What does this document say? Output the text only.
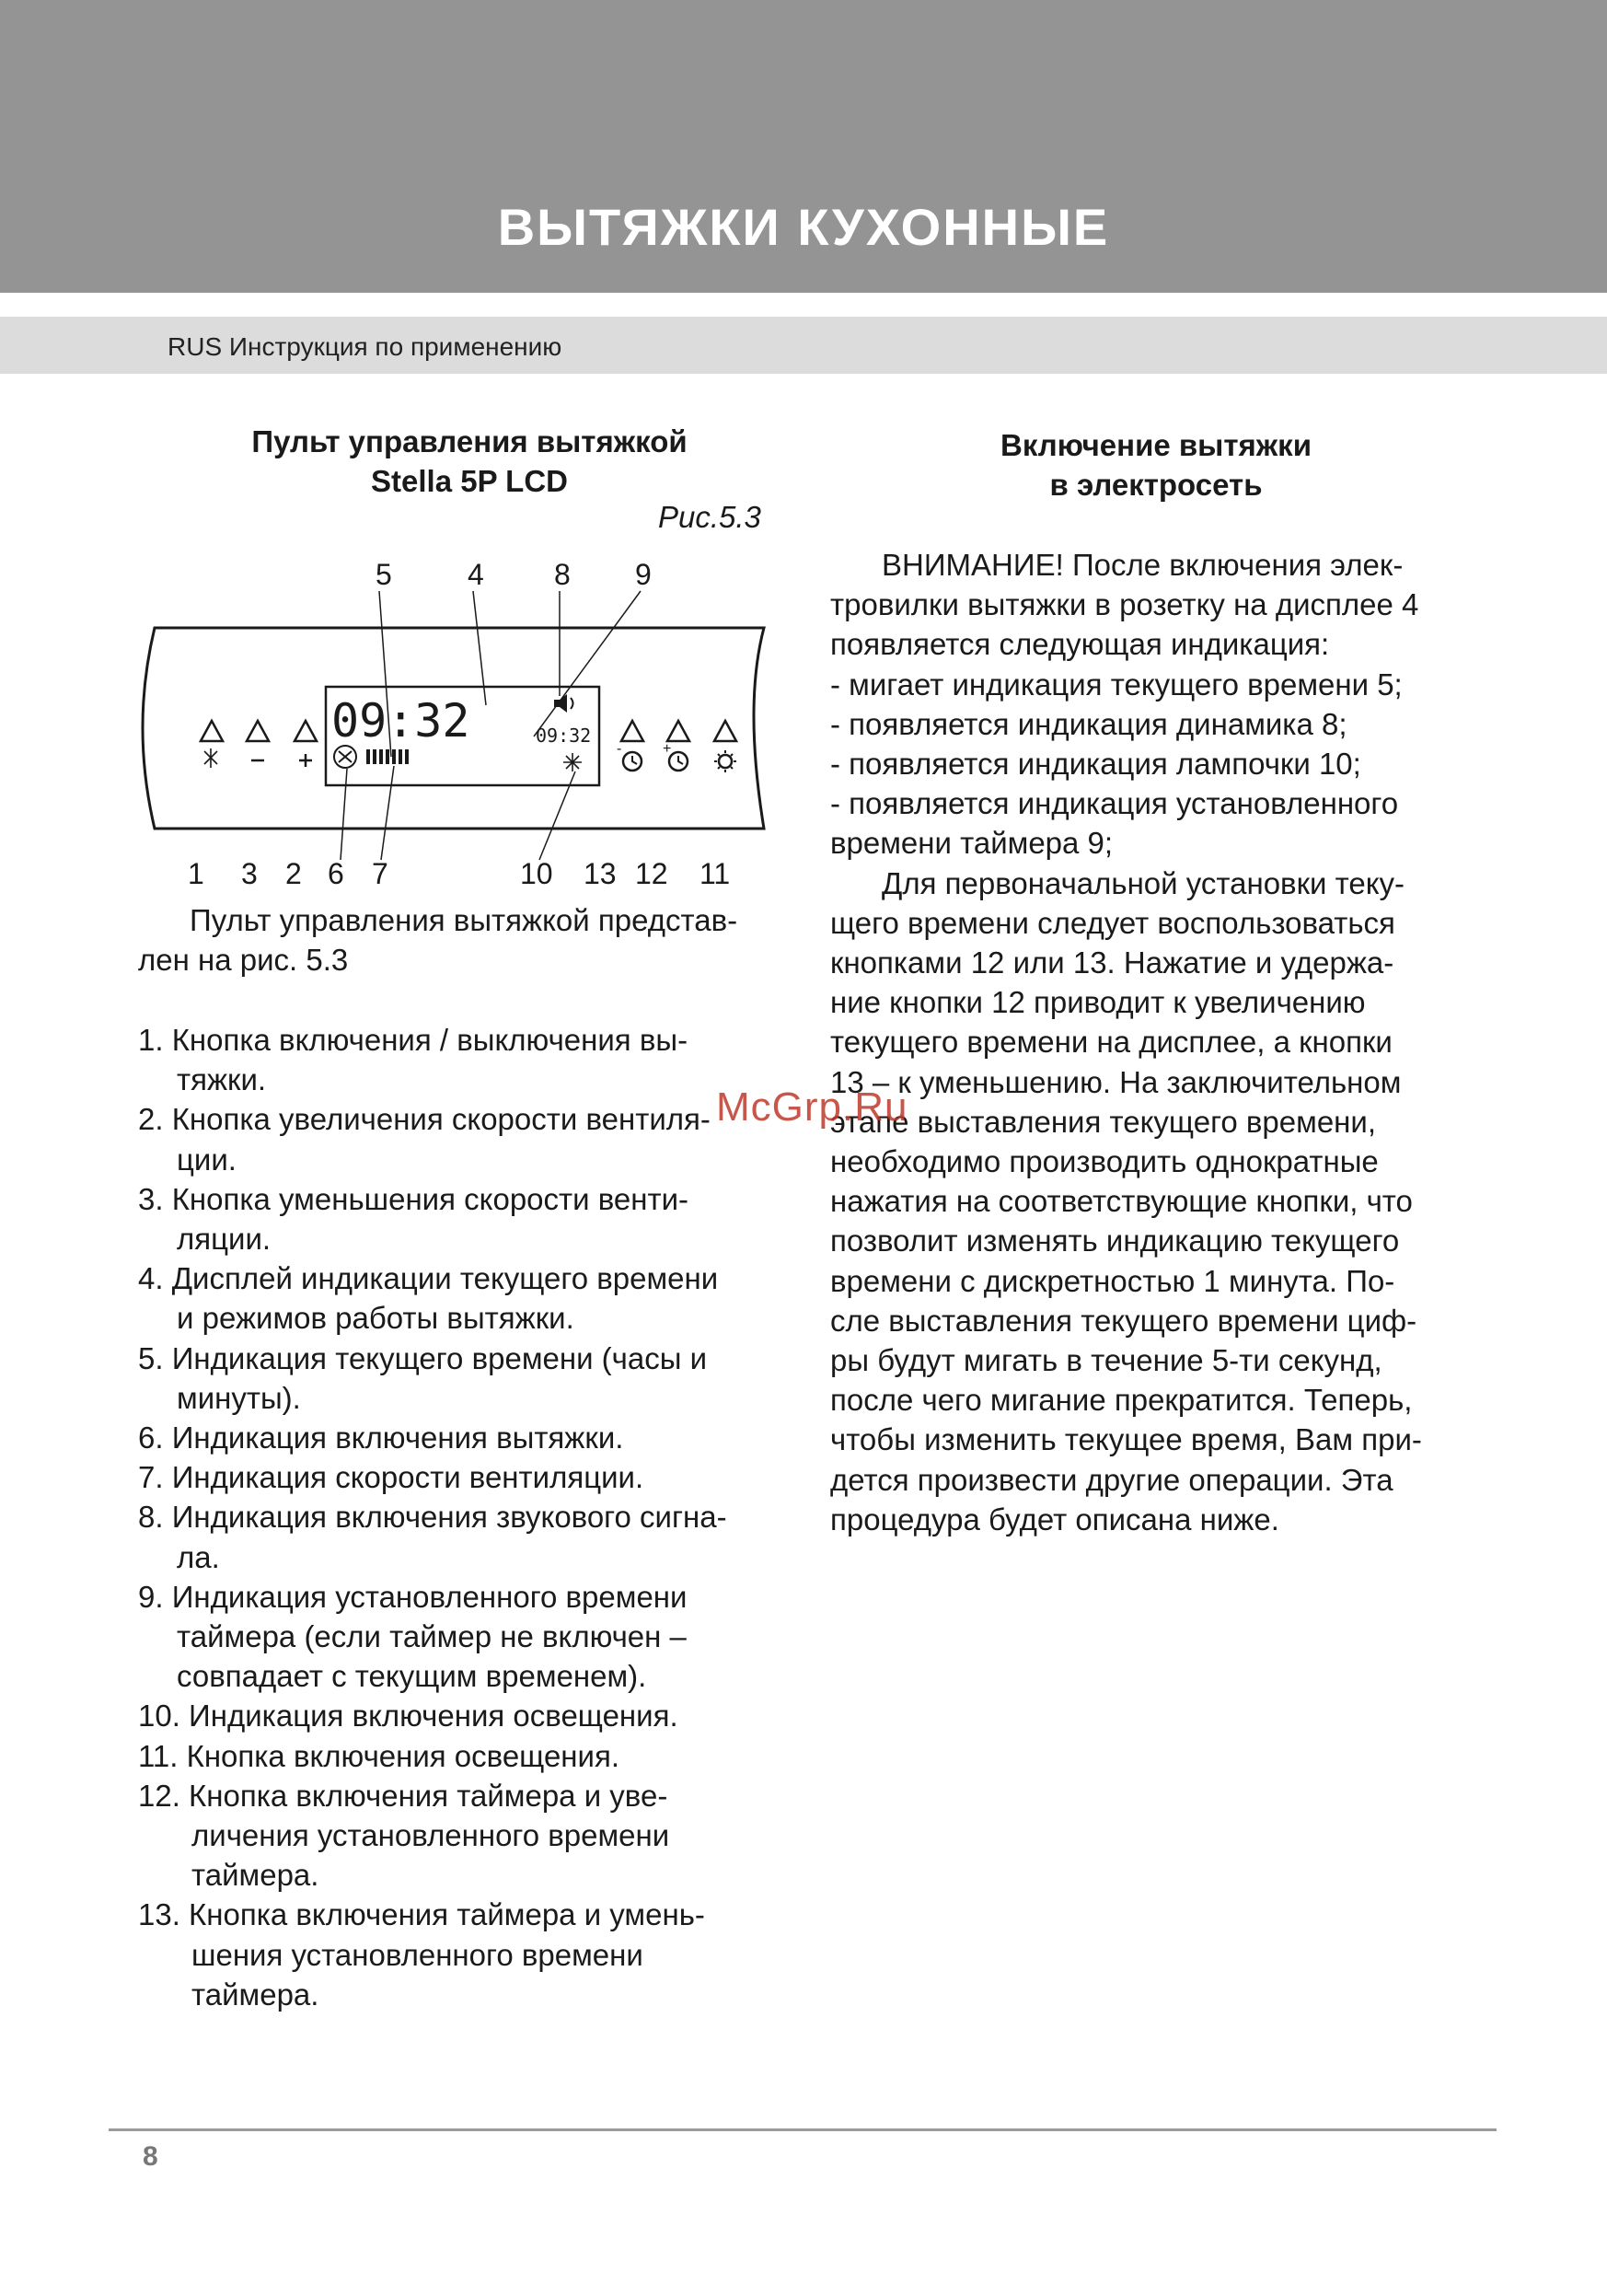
ВЫТЯЖКИ КУХОННЫЕ
RUS Инструкция по применению
Пульт управления вытяжкой
Stella 5P LCD
Рис.5.3
5	4 8 9
09:32	09:32
-	+
1 3 2 6 7	10 13 12 11
Пульт управления вытяжкой представ-
лен на рис. 5.3
1. Кнопка включения / выключения вы-
тяжки.
2. Кнопка увеличения скорости вентиля-
ции.
3. Кнопка уменьшения скорости венти-
ляции.
4. Дисплей индикации текущего времени
и режимов работы вытяжки.
5. Индикация текущего времени (часы и
минуты).
6. Индикация включения вытяжки.
7. Индикация скорости вентиляции.
8. Индикация включения звукового сигна-
ла.
9. Индикация установленного времени
таймера (если таймер не включен –
совпадает с текущим временем).
10. Индикация включения освещения.
11. Кнопка включения освещения.
12. Кнопка включения таймера и уве-
личения установленного времени
таймера.
13. Кнопка включения таймера и умень-
шения установленного времени
таймера.
Включение вытяжки
в электросеть
ВНИМАНИЕ! После включения элек-
тровилки вытяжки в розетку на дисплее 4
появляется следующая индикация:
- мигает индикация текущего времени 5;
- появляется индикация динамика 8;
- появляется индикация лампочки 10;
- появляется индикация установленного
времени таймера 9;
Для первоначальной установки теку-
щего времени следует воспользоваться
кнопками 12 или 13. Нажатие и удержа-
ние кнопки 12 приводит к увеличению
текущего времени на дисплее, а кнопки
13 – к уменьшению. На заключительном
этапе выставления текущего времени,
необходимо производить однократные
нажатия на соответствующие кнопки, что
позволит изменять индикацию текущего
времени с дискретностью 1 минута. По-
сле выставления текущего времени циф-
ры будут мигать в течение 5-ти секунд,
после чего мигание прекратится. Теперь,
чтобы изменить текущее время, Вам при-
дется произвести другие операции. Эта
процедура будет описана ниже.
McGrp.Ru
8
